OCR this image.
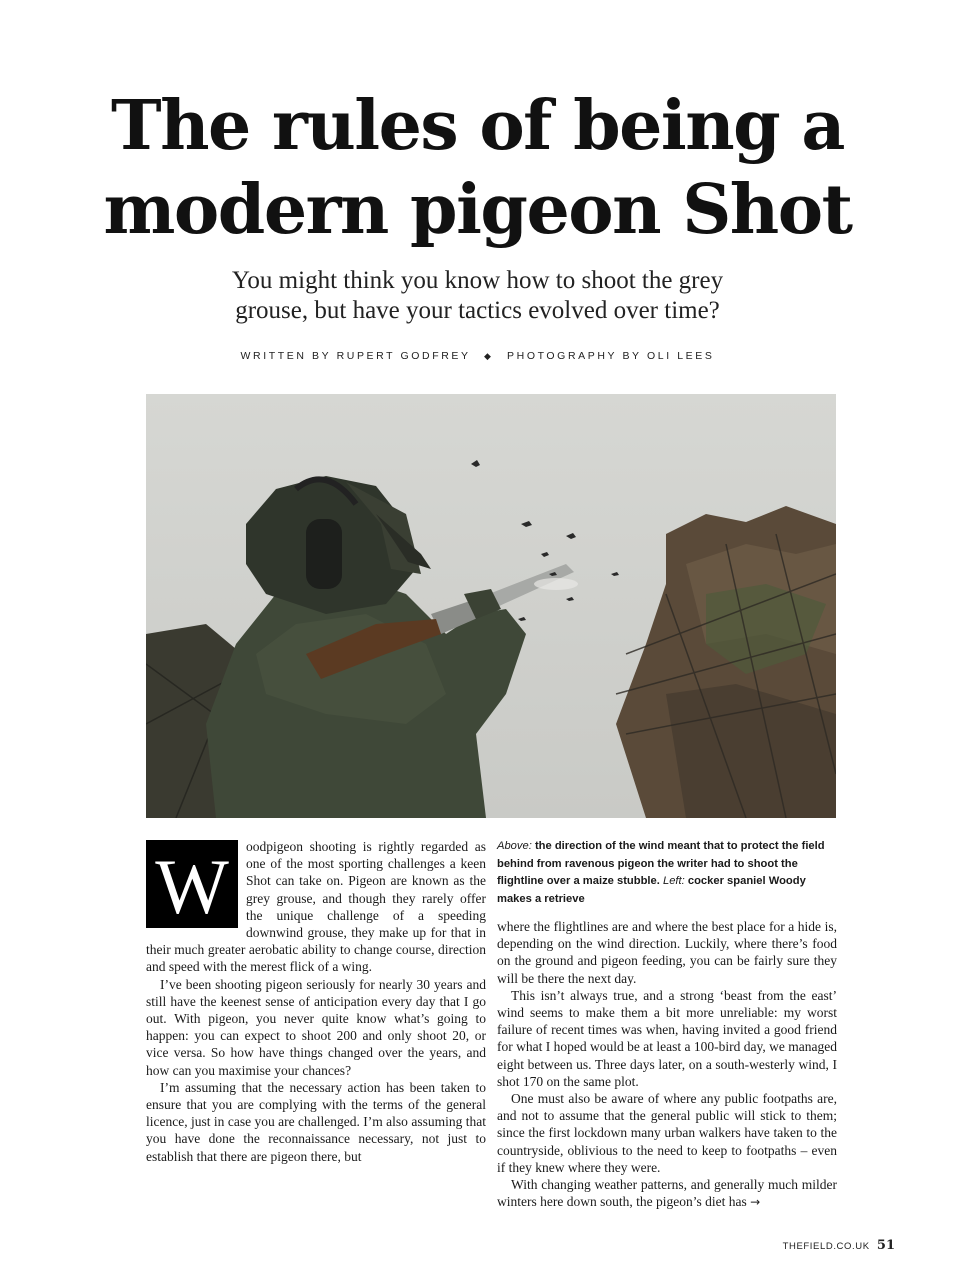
The rules of being a
modern pigeon Shot

You might think you know how to shoot the grey
grouse, but have your tactics evolved over time?

WRITTEN BY RUPERT GODFREY ◆ PHOTOGRAPHY BY OLI LEES

W	oodpigeon shooting is rightly regarded as one of the most sporting challenges a keen Shot can take on. Pigeon are known as the grey grouse, and though they rarely offer the unique challenge of a speeding downwind grouse, they make up for that in their much greater aerobatic ability to change course, direction and speed with the merest flick of a wing.

I’ve been shooting pigeon seriously for nearly 30 years and still have the keenest sense of anticipation every day that I go out. With pigeon, you never quite know what’s going to happen: you can expect to shoot 200 and only shoot 20, or vice versa. So how have things changed over the years, and how can you maximise your chances?

I’m assuming that the necessary action has been taken to ensure that you are complying with the terms of the general licence, just in case you are challenged. I’m also assuming that you have done the reconnaissance necessary, not just to establish that there are pigeon there, but

Above: the direction of the wind meant that to protect the field behind from ravenous pigeon the writer had to shoot the flightline over a maize stubble. Left: cocker spaniel Woody makes a retrieve

where the flightlines are and where the best place for a hide is, depending on the wind direction. Luckily, where there’s food on the ground and pigeon feeding, you can be fairly sure they will be there the next day.

This isn’t always true, and a strong ‘beast from the east’ wind seems to make them a bit more unreliable: my worst failure of recent times was when, having invited a good friend for what I hoped would be at least a 100-bird day, we managed eight between us. Three days later, on a south-westerly wind, I shot 170 on the same plot.

One must also be aware of where any public footpaths are, and not to assume that the general public will stick to them; since the first lockdown many urban walkers have taken to the countryside, oblivious to the need to keep to footpaths – even if they knew where they were.

With changing weather patterns, and generally much milder winters here down south, the pigeon’s diet has →

THEFIELD.CO.UK 51
